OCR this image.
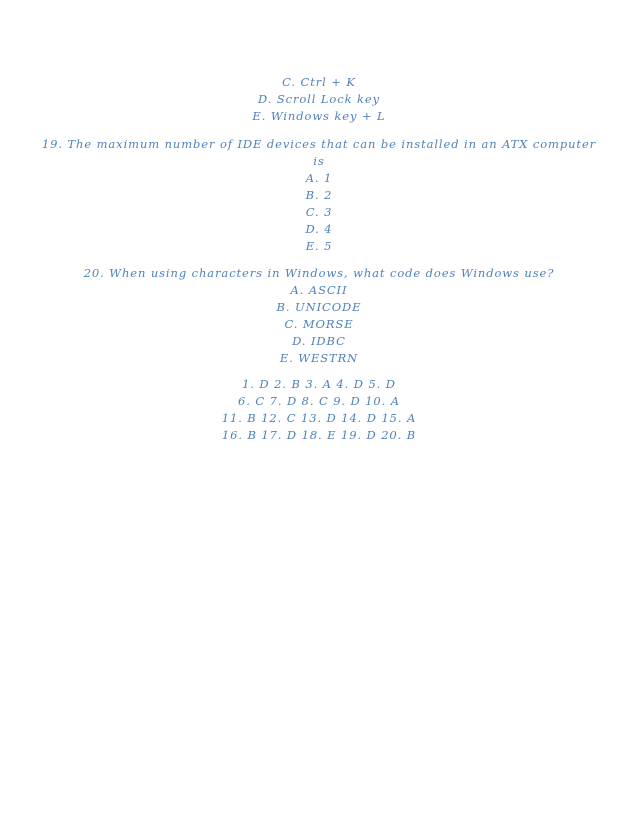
C. Ctrl + K
D. Scroll Lock key
E. Windows key + L
19. The maximum number of IDE devices that can be installed in an ATX computer
is
A. 1
B. 2
C. 3
D. 4
E. 5
20. When using characters in Windows, what code does Windows use?
A. ASCII
B. UNICODE
C. MORSE
D. IDBC
E. WESTRN
1. D 2. B 3. A 4. D 5. D
6. C 7. D 8. C 9. D 10. A
11. B 12. C 13. D 14. D 15. A
16. B 17. D 18. E 19. D 20. B
